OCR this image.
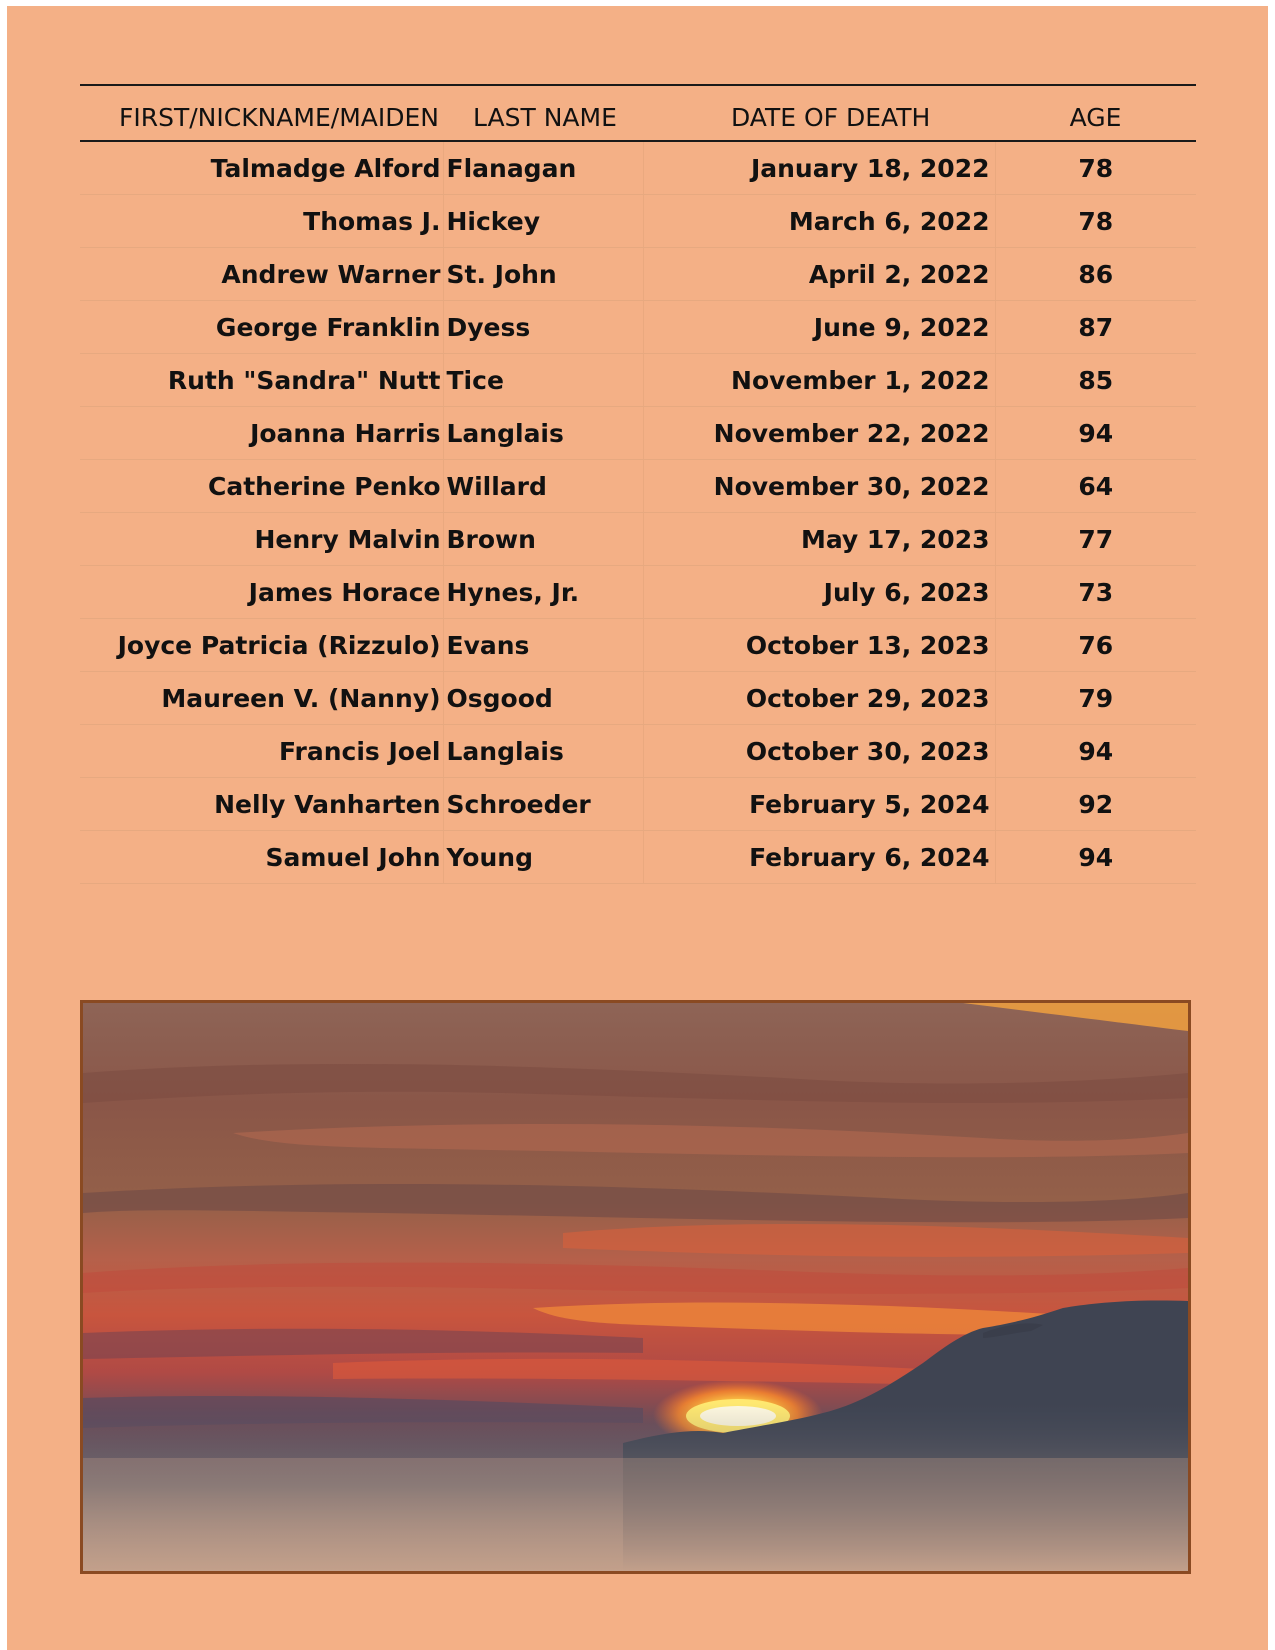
FIRST/NICKNAME/MAIDEN	LAST NAME	DATE OF DEATH	AGE
Talmadge Alford	Flanagan	January 18, 2022	78
Thomas J.	Hickey	March 6, 2022	78
Andrew Warner	St. John	April 2, 2022	86
George Franklin	Dyess	June 9, 2022	87
Ruth "Sandra" Nutt	Tice	November 1, 2022	85
Joanna Harris	Langlais	November 22, 2022	94
Catherine Penko	Willard	November 30, 2022	64
Henry Malvin	Brown	May 17, 2023	77
James Horace	Hynes, Jr.	July 6, 2023	73
Joyce Patricia (Rizzulo)	Evans	October 13, 2023	76
Maureen V. (Nanny)	Osgood	October 29, 2023	79
Francis Joel	Langlais	October 30, 2023	94
Nelly Vanharten	Schroeder	February 5, 2024	92
Samuel John	Young	February 6, 2024	94
